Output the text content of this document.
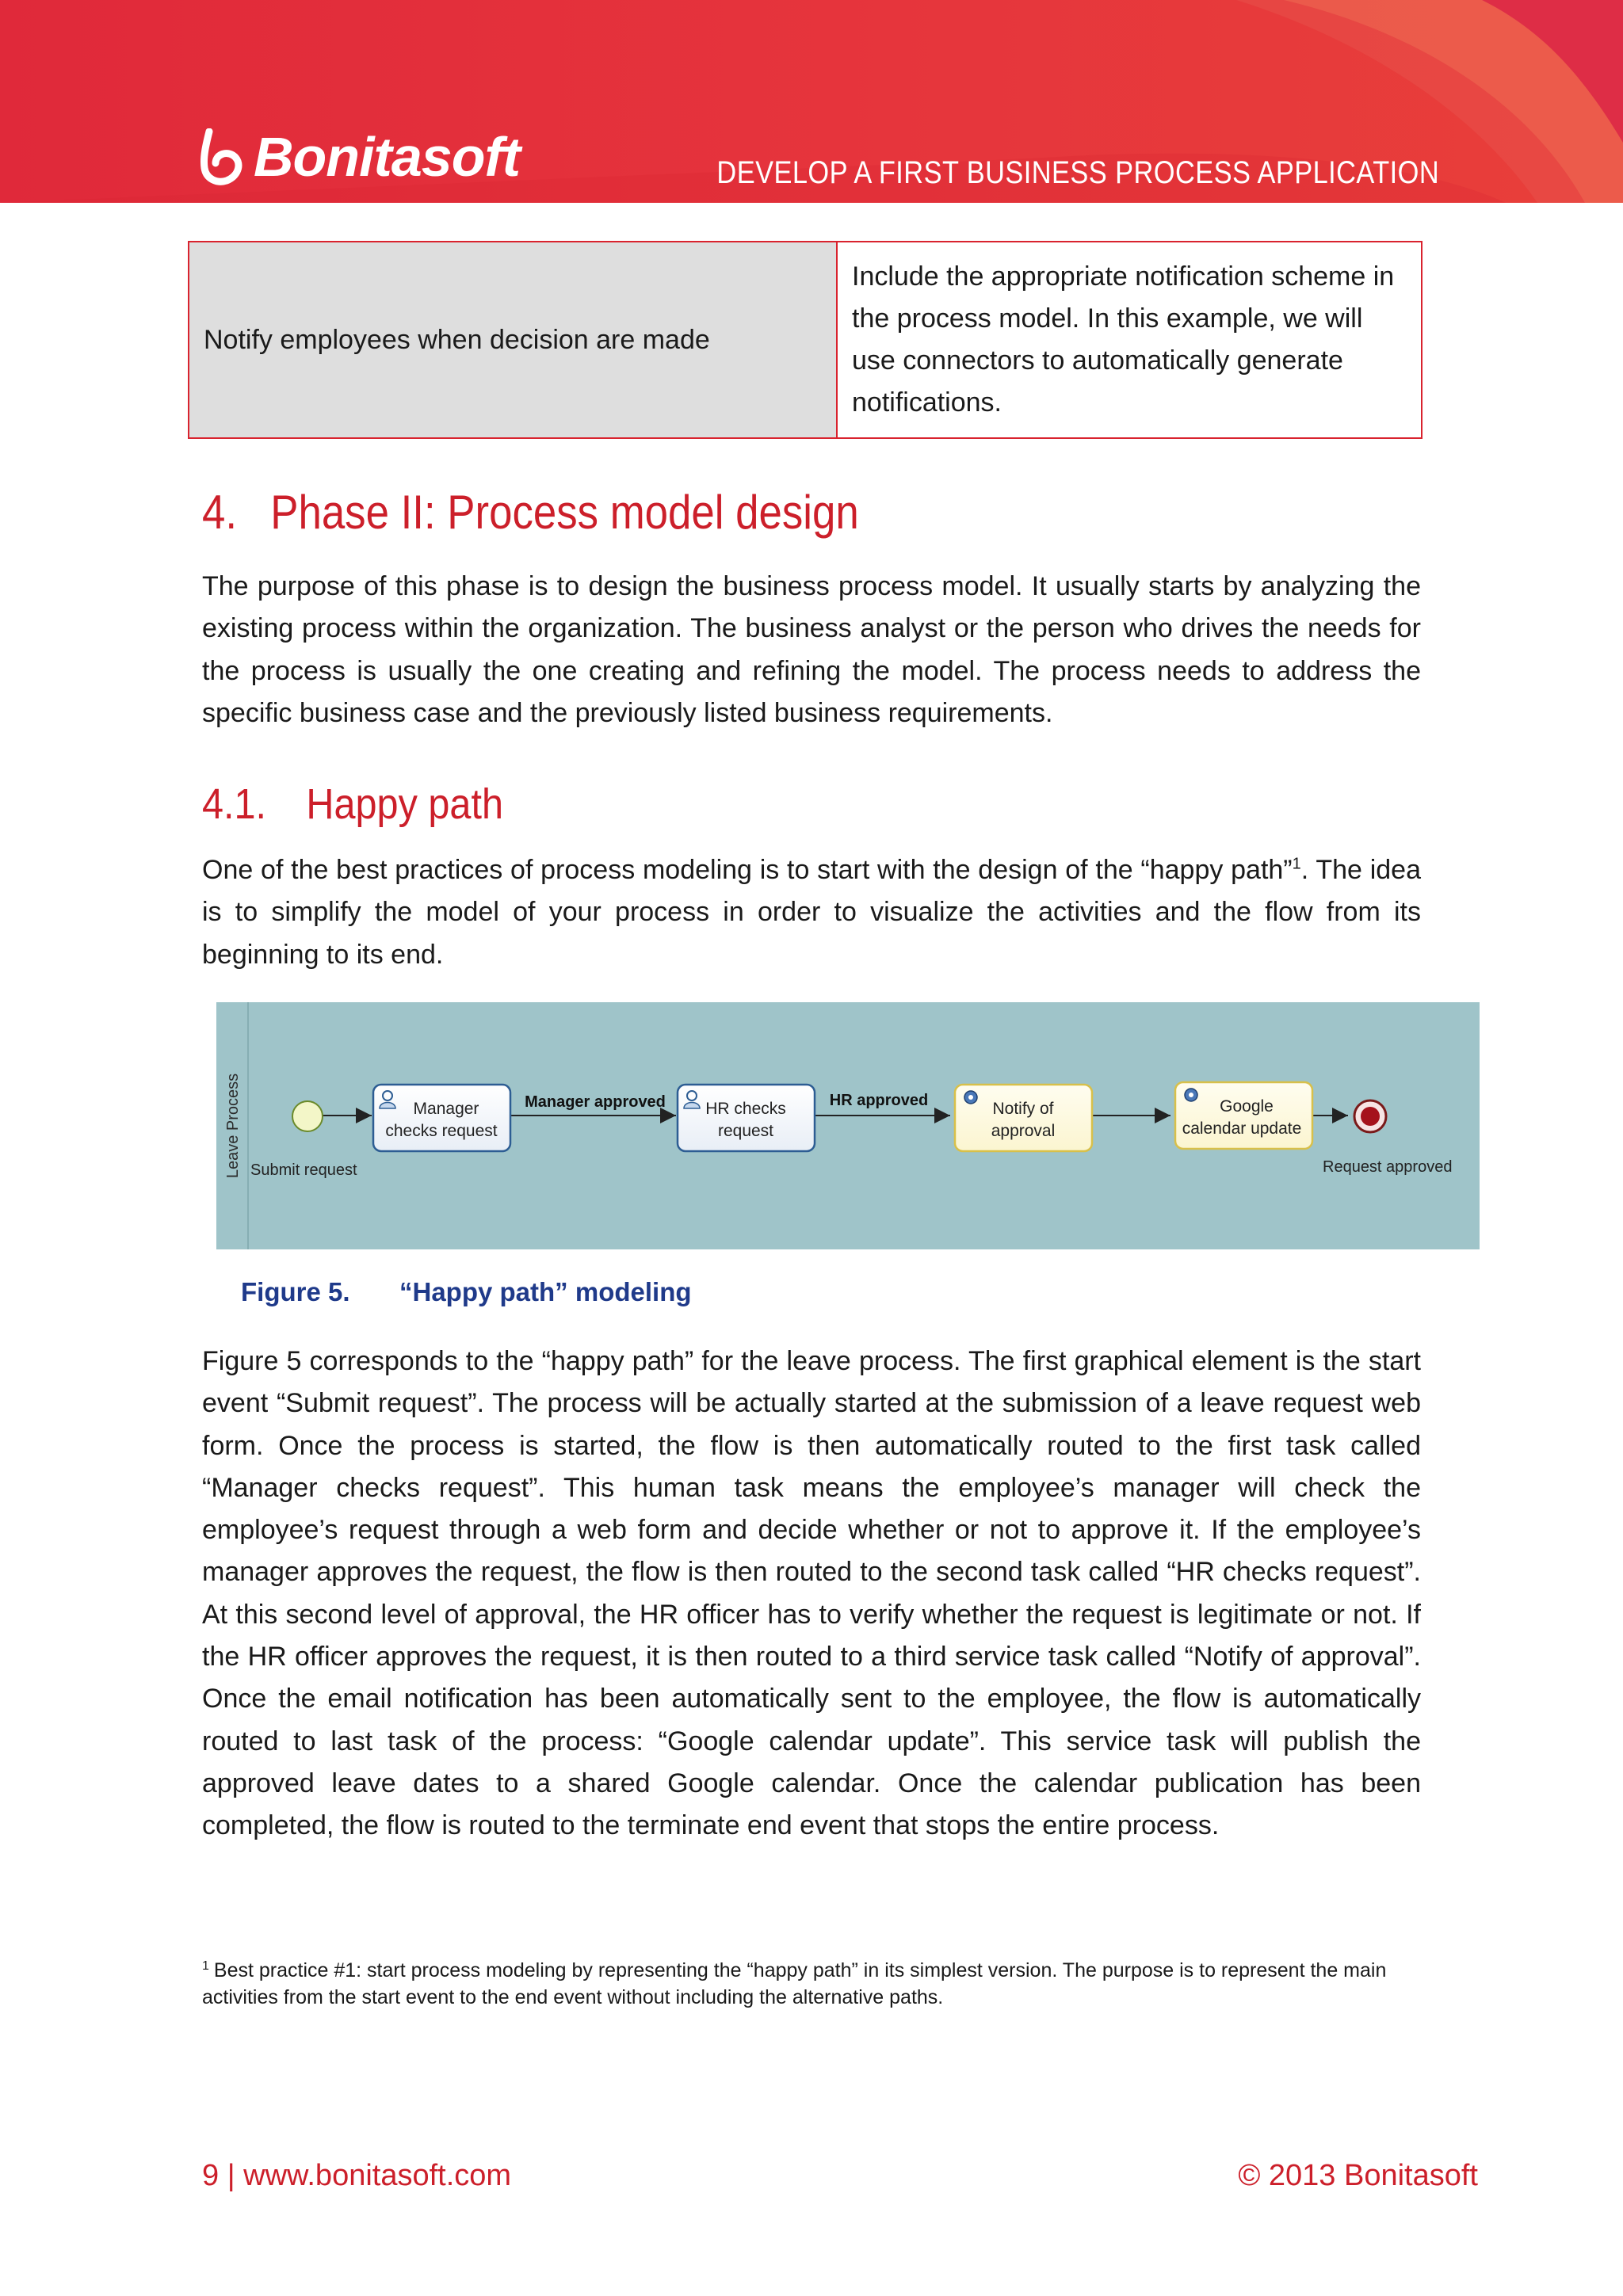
Bonitasoft	DEVELOP A FIRST BUSINESS PROCESS APPLICATION
Notify employees when decision are made	Include the appropriate notification scheme in the process model. In this example, we will use connectors to automatically generate notifications.
4. Phase II: Process model design

The purpose of this phase is to design the business process model. It usually starts by analyzing the existing process within the organization. The business analyst or the person who drives the needs for the process is usually the one creating and refining the model. The process needs to address the specific business case and the previously listed business requirements.

4.1. Happy path

One of the best practices of process modeling is to start with the design of the “happy path”$^1$. The idea is to simplify the model of your process in order to visualize the activities and the flow from its beginning to its end.

Leave Process	Manager approved	HR approved
Submit request
Manager
checks request
HR checks
request
Notify of
approval
Google
calendar update
Request approved

Figure 5. “Happy path” modeling

Figure 5 corresponds to the “happy path” for the leave process. The first graphical element is the start event “Submit request”. The process will be actually started at the submission of a leave request web form. Once the process is started, the flow is then automatically routed to the first task called “Manager checks request”. This human task means the employee’s manager will check the employee’s request through a web form and decide whether or not to approve it. If the employee’s manager approves the request, the flow is then routed to the second task called “HR checks request”. At this second level of approval, the HR officer has to verify whether the request is legitimate or not. If the HR officer approves the request, it is then routed to a third service task called “Notify of approval”. Once the email notification has been automatically sent to the employee, the flow is automatically routed to last task of the process: “Google calendar update”. This service task will publish the approved leave dates to a shared Google calendar. Once the calendar publication has been completed, the flow is routed to the terminate end event that stops the entire process.

$^1$ Best practice #1: start process modeling by representing the “happy path” in its simplest version. The purpose is to represent the main activities from the start event to the end event without including the alternative paths.

9 | www.bonitasoft.com	© 2013 Bonitasoft
